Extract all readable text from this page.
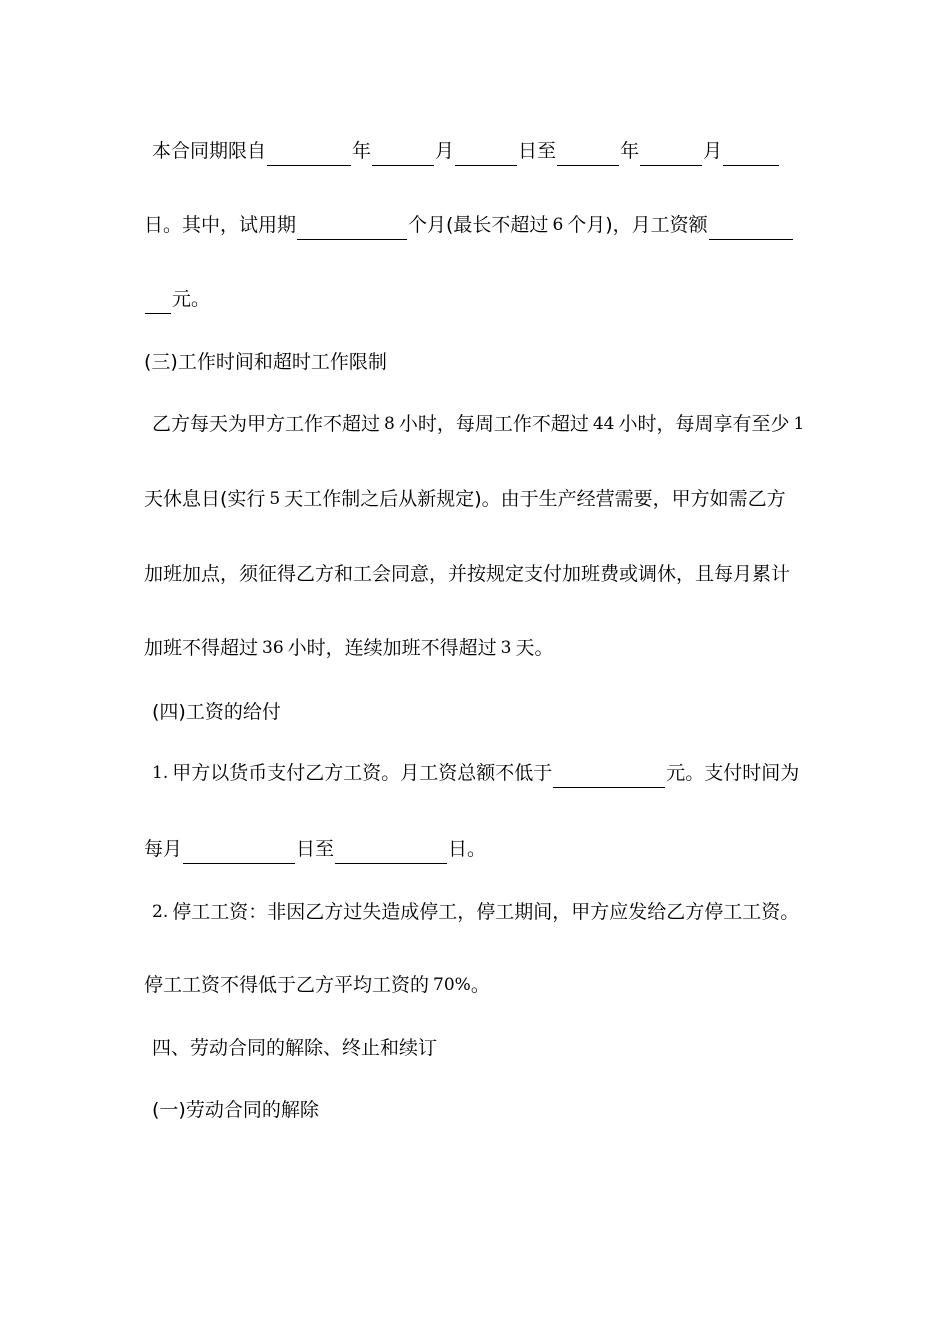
本合同期限自	年	月	日至	年	月
日。其中，试用期	个月(最长不超过 6 个月)，月工资额
元。
(三)工作时间和超时工作限制
乙方每天为甲方工作不超过 8 小时，每周工作不超过 44 小时，每周享有至少 1
天休息日(实行 5 天工作制之后从新规定)。由于生产经营需要，甲方如需乙方
加班加点，须征得乙方和工会同意，并按规定支付加班费或调休，且每月累计
加班不得超过 36 小时，连续加班不得超过 3 天。
(四)工资的给付
1. 甲方以货币支付乙方工资。月工资总额不低于	元。支付时间为
每月	日至	日。
2. 停工工资：非因乙方过失造成停工，停工期间，甲方应发给乙方停工工资。
停工工资不得低于乙方平均工资的 70% 。
四、劳动合同的解除、终止和续订
(一)劳动合同的解除
